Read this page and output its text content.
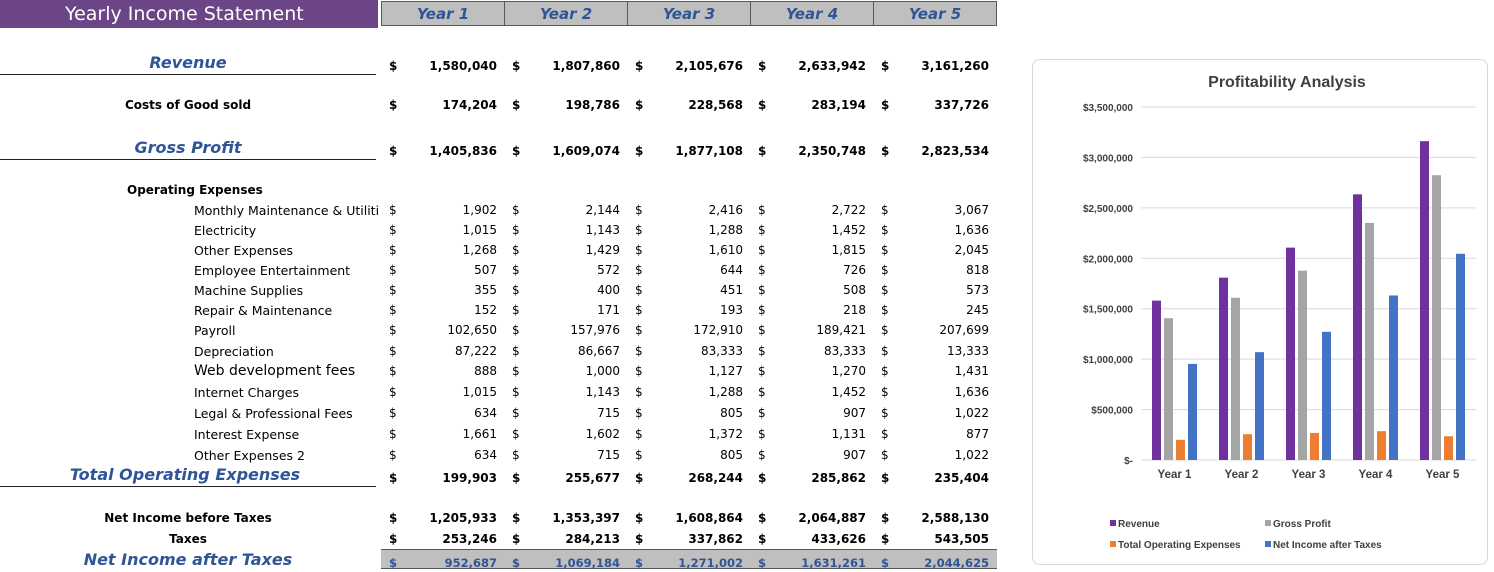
Yearly Income Statement	Year 1	Year 2	Year 3	Year 4	Year 5
Revenue	$	1,580,040 $	1,807,860 $	2,105,676 $	2,633,942 $	3,161,260
Costs of Good sold	$	174,204 $	198,786 $	228,568 $	283,194 $	337,726
Gross Profit	$	1,405,836 $	1,609,074 $	1,877,108 $	2,350,748 $	2,823,534
Operating Expenses
Monthly Maintenance & Utiliti $	1,902 $	2,144 $	2,416 $	2,722 $	3,067
Electricity	$	1,015 $	1,143 $	1,288 $	1,452 $	1,636
Other Expenses	$	1,268 $	1,429 $	1,610 $	1,815 $	2,045
Employee Entertainment	$	507 $	572 $	644 $	726 $	818
Machine Supplies	$	355 $	400 $	451 $	508 $	573
Repair & Maintenance	$	152 $	171 $	193 $	218 $	245
Payroll	$	102,650 $	157,976 $	172,910 $	189,421 $	207,699
Depreciation	$	87,222 $	86,667 $	83,333 $	83,333 $	13,333
Web development fees	$	888 $	1,000 $	1,127 $	1,270 $	1,431
Internet Charges	$	1,015 $	1,143 $	1,288 $	1,452 $	1,636
Legal & Professional Fees	$	634 $	715 $	805 $	907 $	1,022
Interest Expense	$	1,661 $	1,602 $	1,372 $	1,131 $	877
Other Expenses 2	$	634 $	715 $	805 $	907 $	1,022
Total Operating Expenses	$	199,903 $	255,677 $	268,244 $	285,862 $	235,404
Net Income before Taxes	$	1,205,933 $	1,353,397 $	1,608,864 $	2,064,887 $	2,588,130
Taxes	$	253,246 $	284,213 $	337,862 $	433,626 $	543,505
Net Income after Taxes	$	952,687 $	1,069,184 $	1,271,002 $	1,631,261 $	2,044,625
Profitability Analysis
$-
$500,000
$1,000,000
$1,500,000
$2,000,000
$2,500,000
$3,000,000
$3,500,000
Year 1	Year 2	Year 3	Year 4	Year 5
Revenue	Gross Profit
Total Operating Expenses	Net Income after Taxes
